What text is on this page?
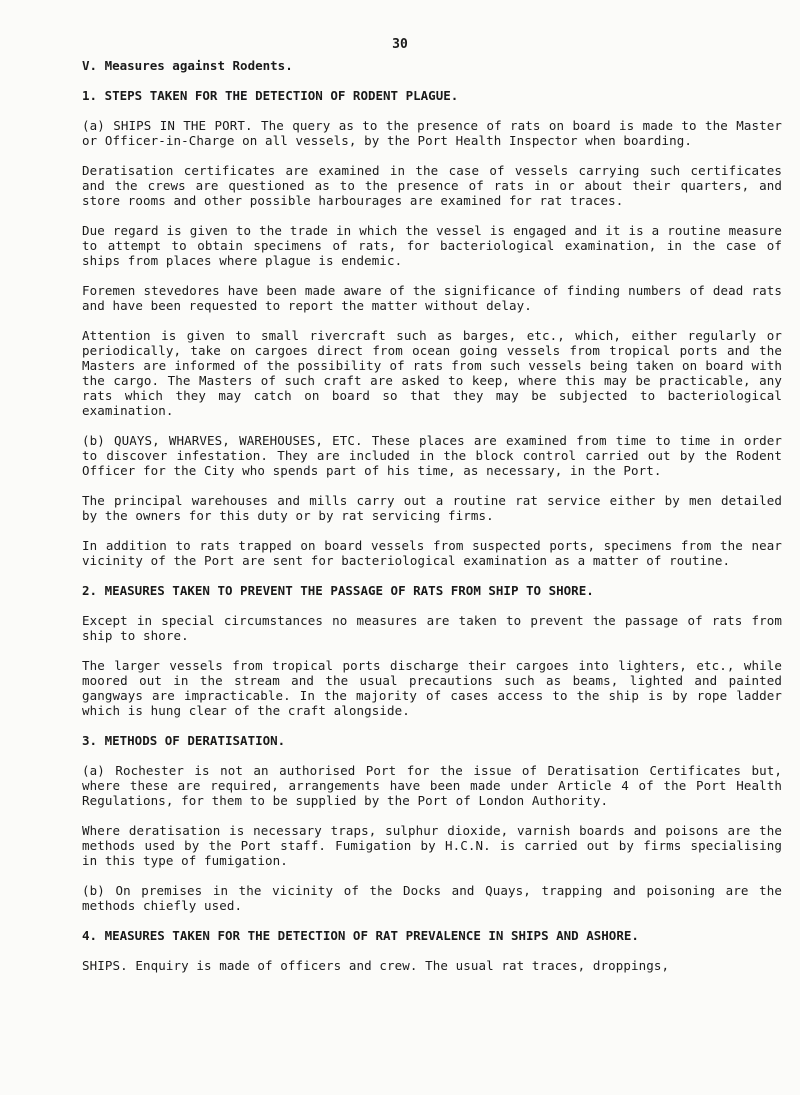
30
V. Measures against Rodents.
1. STEPS TAKEN FOR THE DETECTION OF RODENT PLAGUE.

(a) SHIPS IN THE PORT. The query as to the presence of rats on board is made to the Master or Officer-in-Charge on all vessels, by the Port Health Inspector when boarding.

Deratisation certificates are examined in the case of vessels carrying such certificates and the crews are questioned as to the presence of rats in or about their quarters, and store rooms and other possible harbourages are examined for rat traces.

Due regard is given to the trade in which the vessel is engaged and it is a routine measure to attempt to obtain specimens of rats, for bacteriological examination, in the case of ships from places where plague is endemic.

Foremen stevedores have been made aware of the significance of finding numbers of dead rats and have been requested to report the matter without delay.

Attention is given to small rivercraft such as barges, etc., which, either regularly or periodically, take on cargoes direct from ocean going vessels from tropical ports and the Masters are informed of the possibility of rats from such vessels being taken on board with the cargo. The Masters of such craft are asked to keep, where this may be practicable, any rats which they may catch on board so that they may be subjected to bacteriological examination.

(b) QUAYS, WHARVES, WAREHOUSES, ETC. These places are examined from time to time in order to discover infestation. They are included in the block control carried out by the Rodent Officer for the City who spends part of his time, as necessary, in the Port.

The principal warehouses and mills carry out a routine rat service either by men detailed by the owners for this duty or by rat servicing firms.

In addition to rats trapped on board vessels from suspected ports, specimens from the near vicinity of the Port are sent for bacteriological examination as a matter of routine.

2. MEASURES TAKEN TO PREVENT THE PASSAGE OF RATS FROM SHIP TO SHORE.

Except in special circumstances no measures are taken to prevent the passage of rats from ship to shore.

The larger vessels from tropical ports discharge their cargoes into lighters, etc., while moored out in the stream and the usual precautions such as beams, lighted and painted gangways are impracticable. In the majority of cases access to the ship is by rope ladder which is hung clear of the craft alongside.

3. METHODS OF DERATISATION.

(a) Rochester is not an authorised Port for the issue of Deratisation Certificates but, where these are required, arrangements have been made under Article 4 of the Port Health Regulations, for them to be supplied by the Port of London Authority.

Where deratisation is necessary traps, sulphur dioxide, varnish boards and poisons are the methods used by the Port staff. Fumigation by H.C.N. is carried out by firms specialising in this type of fumigation.

(b) On premises in the vicinity of the Docks and Quays, trapping and poisoning are the methods chiefly used.

4. MEASURES TAKEN FOR THE DETECTION OF RAT PREVALENCE IN SHIPS AND ASHORE.

SHIPS. Enquiry is made of officers and crew. The usual rat traces, droppings,
